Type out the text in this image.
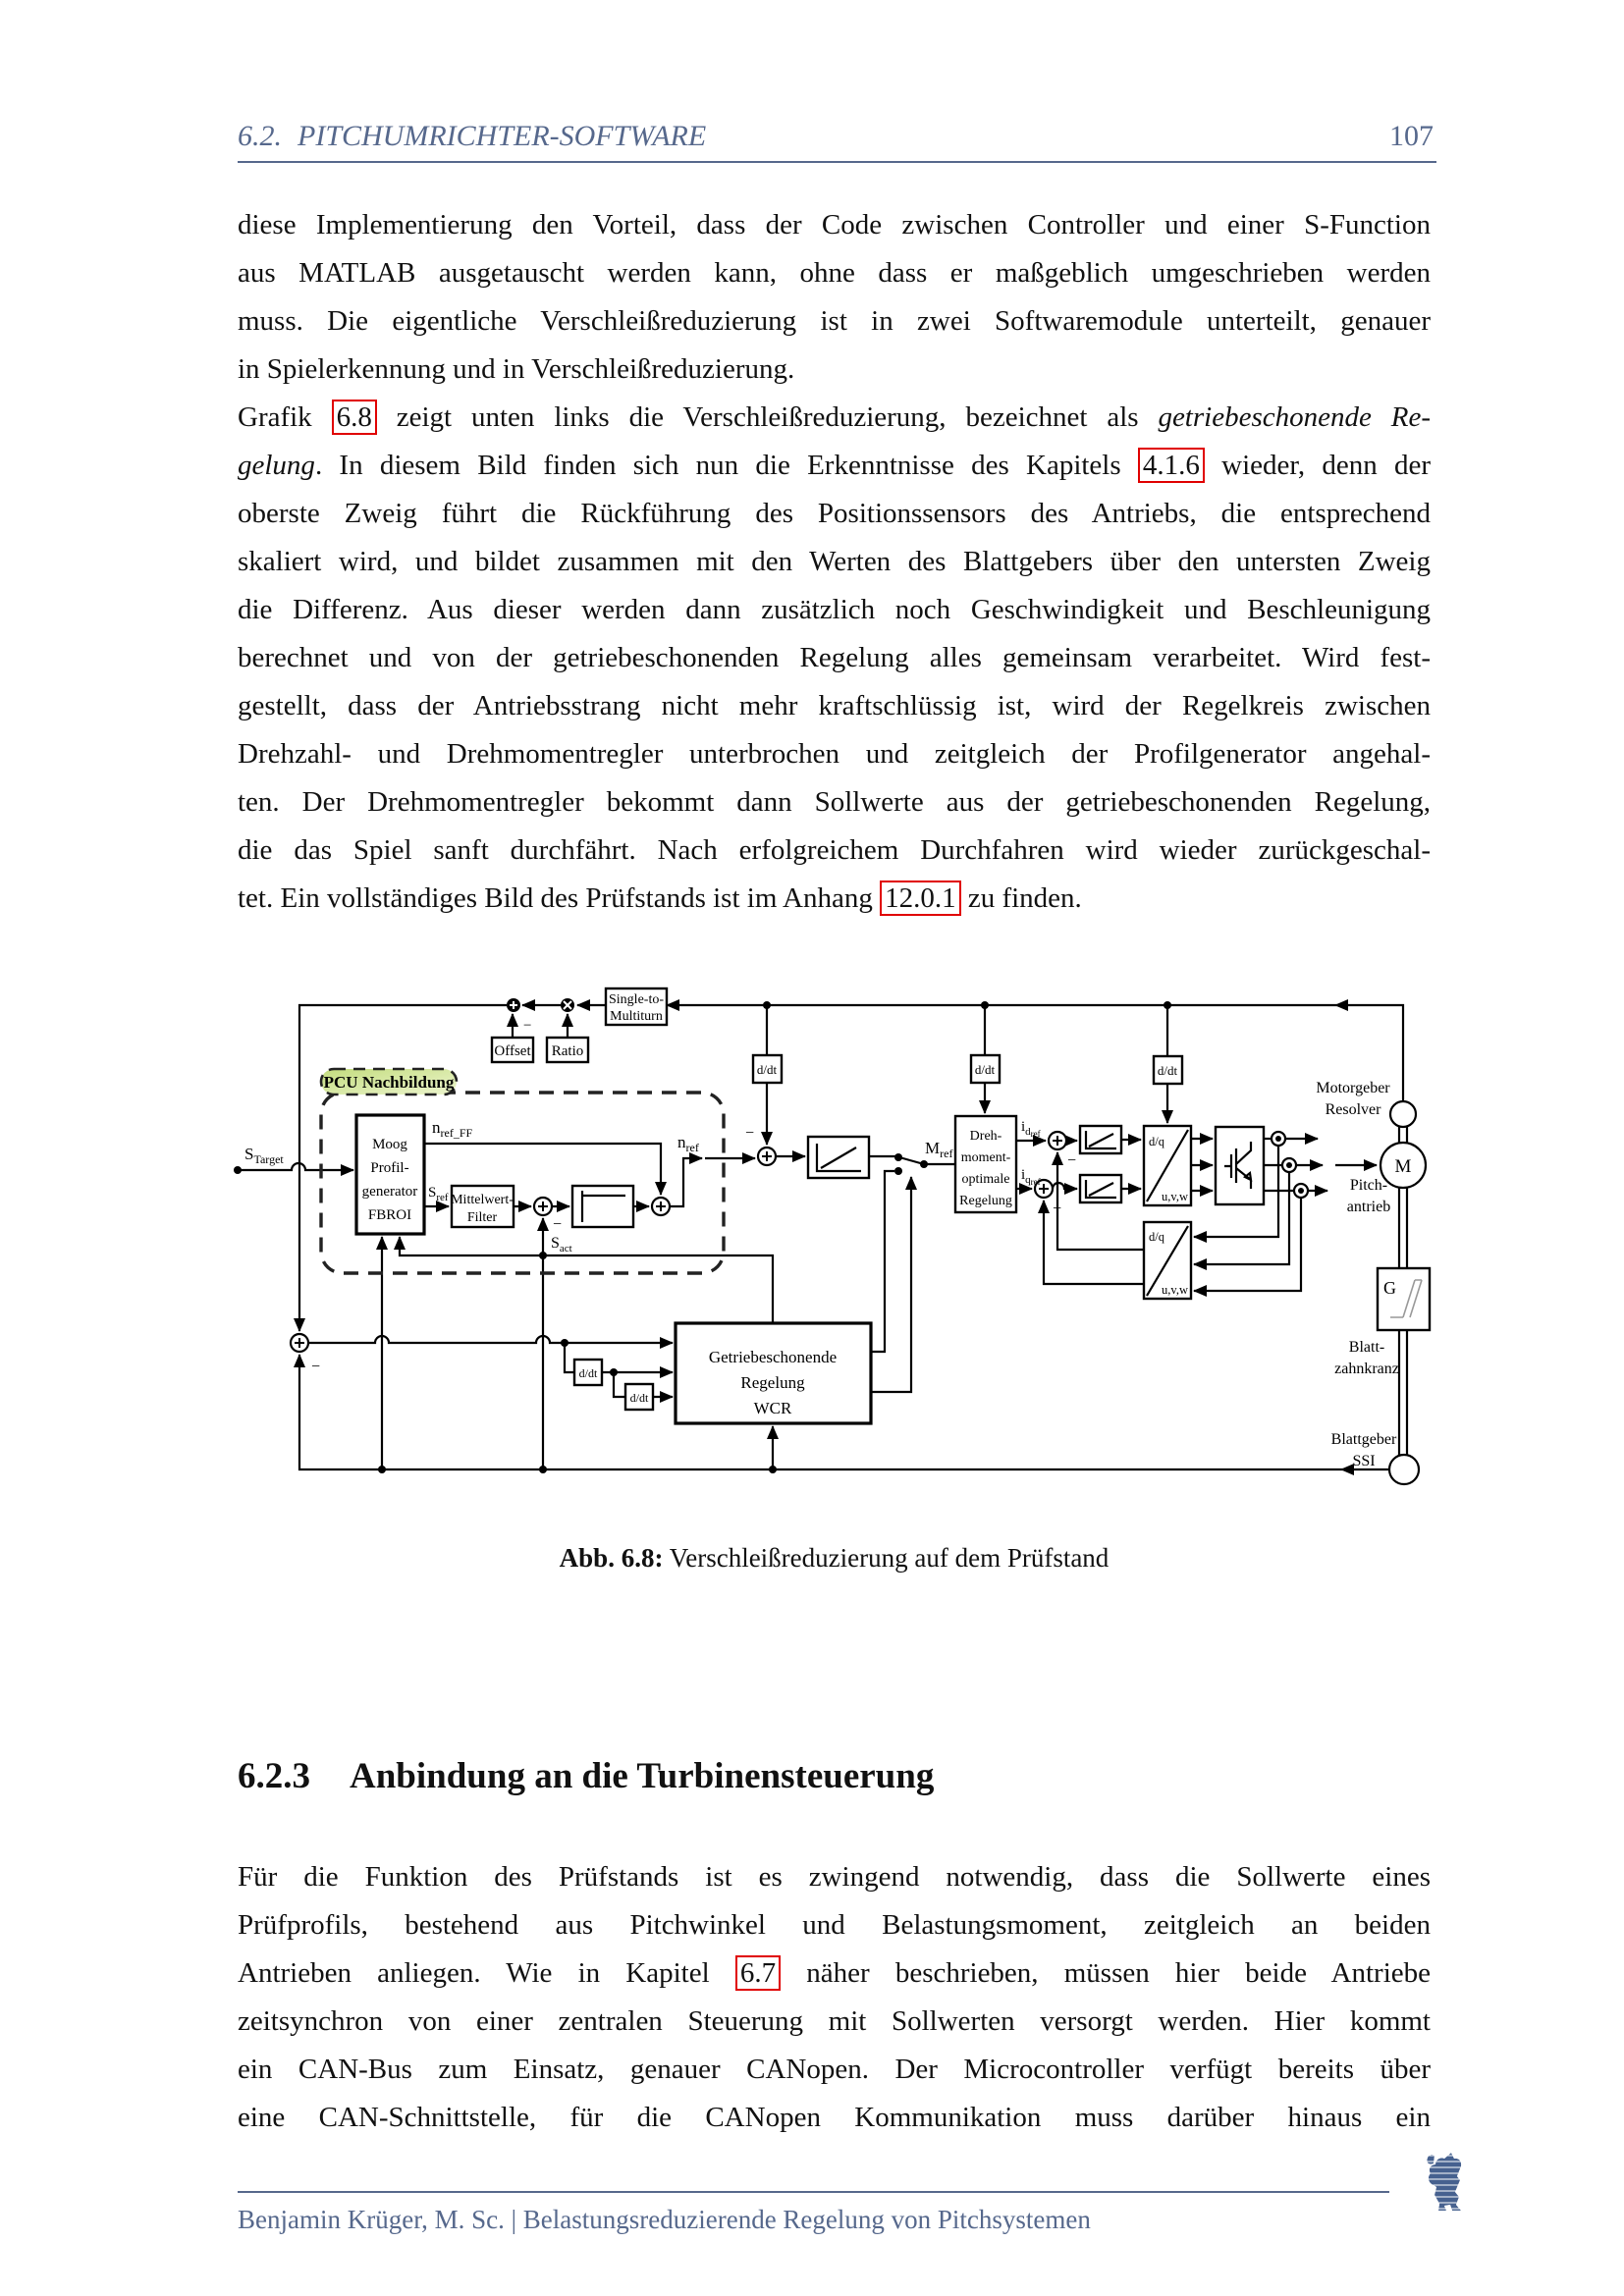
6.2. PITCHUMRICHTER-SOFTWARE	107
diese Implementierung den Vorteil, dass der Code zwischen Controller und einer S-Function
aus MATLAB ausgetauscht werden kann, ohne dass er maßgeblich umgeschrieben werden
muss. Die eigentliche Verschleißreduzierung ist in zwei Softwaremodule unterteilt, genauer
in Spielerkennung und in Verschleißreduzierung.
Grafik 6.8 zeigt unten links die Verschleißreduzierung, bezeichnet als getriebeschonende Re-
gelung. In diesem Bild finden sich nun die Erkenntnisse des Kapitels 4.1.6 wieder, denn der
oberste Zweig führt die Rückführung des Positionssensors des Antriebs, die entsprechend
skaliert wird, und bildet zusammen mit den Werten des Blattgebers über den untersten Zweig
die Differenz. Aus dieser werden dann zusätzlich noch Geschwindigkeit und Beschleunigung
berechnet und von der getriebeschonenden Regelung alles gemeinsam verarbeitet. Wird fest-
gestellt, dass der Antriebsstrang nicht mehr kraftschlüssig ist, wird der Regelkreis zwischen
Drehzahl- und Drehmomentregler unterbrochen und zeitgleich der Profilgenerator angehal-
ten. Der Drehmomentregler bekommt dann Sollwerte aus der getriebeschonenden Regelung,
die das Spiel sanft durchfährt. Nach erfolgreichem Durchfahren wird wieder zurückgeschal-
tet. Ein vollständiges Bild des Prüfstands ist im Anhang 12.0.1 zu finden.
Abb. 6.8: Verschleißreduzierung auf dem Prüfstand
6.2.3 Anbindung an die Turbinensteuerung
Für die Funktion des Prüfstands ist es zwingend notwendig, dass die Sollwerte eines
Prüfprofils, bestehend aus Pitchwinkel und Belastungsmoment, zeitgleich an beiden
Antrieben anliegen. Wie in Kapitel 6.7 näher beschrieben, müssen hier beide Antriebe
zeitsynchron von einer zentralen Steuerung mit Sollwerten versorgt werden. Hier kommt
ein CAN-Bus zum Einsatz, genauer CANopen. Der Microcontroller verfügt bereits über
eine CAN-Schnittstelle, für die CANopen Kommunikation muss darüber hinaus ein
Benjamin Krüger, M. Sc. | Belastungsreduzierende Regelung von Pitchsystemen
PCU Nachbildung
Offset Ratio
Single-to-
Multiturn
Moog
Profil-
generator
FBROI
Mittelwert-
Filter
Dreh-
moment-
optimale
Regelung
d/q
u,v,w
d/q
u,v,w
Getriebeschonende
Regelung
WCR
d/dt	d/dt	d/dt
d/dt
d/dt
M
G
$S_{Target}$
$n_{ref\_FF}$
$S_{ref}$
$S_{act}$
$n_{ref}$	$M_{ref}$
$i_dref$
$i_qref$
−
−
−
−
−
−
Motorgeber
Resolver
Pitch-
antrieb
Blatt-
zahnkranz
Blattgeber
SSI
